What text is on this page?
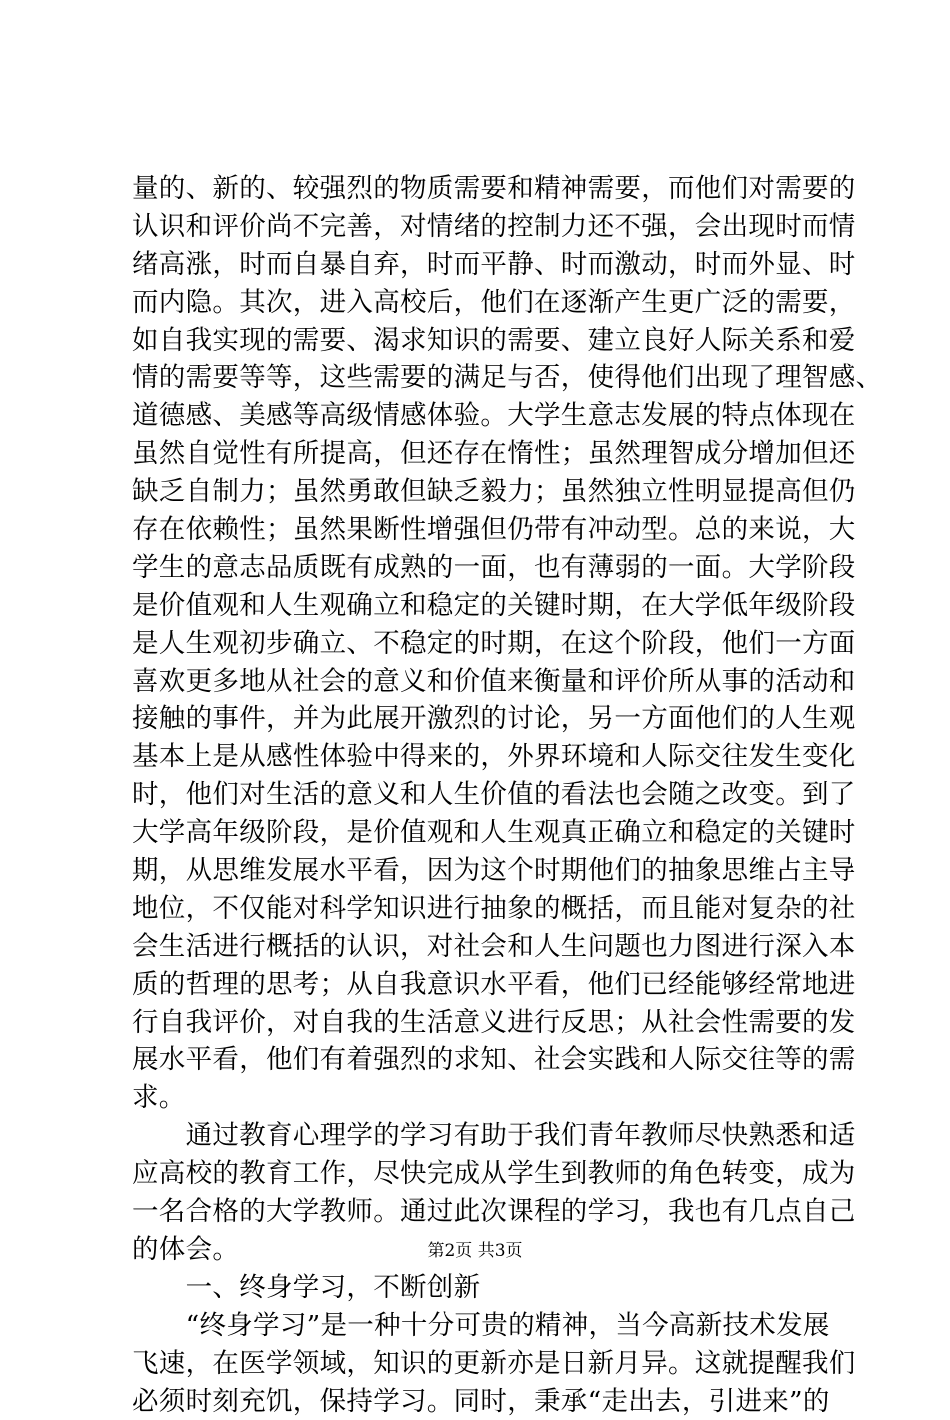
量的、新的、较强烈的物质需要和精神需要，而他们对需要的
认识和评价尚不完善，对情绪的控制力还不强，会出现时而情
绪高涨，时而自暴自弃，时而平静、时而激动，时而外显、时
而内隐。其次，进入高校后，他们在逐渐产生更广泛的需要，
如自我实现的需要、渴求知识的需要、建立良好人际关系和爱
情的需要等等，这些需要的满足与否，使得他们出现了理智感、
道德感、美感等高级情感体验。大学生意志发展的特点体现在
虽然自觉性有所提高，但还存在惰性；虽然理智成分增加但还
缺乏自制力；虽然勇敢但缺乏毅力；虽然独立性明显提高但仍
存在依赖性；虽然果断性增强但仍带有冲动型。总的来说，大
学生的意志品质既有成熟的一面，也有薄弱的一面。大学阶段
是价值观和人生观确立和稳定的关键时期，在大学低年级阶段
是人生观初步确立、不稳定的时期，在这个阶段，他们一方面
喜欢更多地从社会的意义和价值来衡量和评价所从事的活动和
接触的事件，并为此展开激烈的讨论，另一方面他们的人生观
基本上是从感性体验中得来的，外界环境和人际交往发生变化
时，他们对生活的意义和人生价值的看法也会随之改变。到了
大学高年级阶段，是价值观和人生观真正确立和稳定的关键时
期，从思维发展水平看，因为这个时期他们的抽象思维占主导
地位，不仅能对科学知识进行抽象的概括，而且能对复杂的社
会生活进行概括的认识，对社会和人生问题也力图进行深入本
质的哲理的思考；从自我意识水平看，他们已经能够经常地进
行自我评价，对自我的生活意义进行反思；从社会性需要的发
展水平看，他们有着强烈的求知、社会实践和人际交往等的需
求。
　　通过教育心理学的学习有助于我们青年教师尽快熟悉和适
应高校的教育工作，尽快完成从学生到教师的角色转变，成为
一名合格的大学教师。通过此次课程的学习，我也有几点自己
的体会。
　　一、终身学习，不断创新
　　“终身学习”是一种十分可贵的精神，当今高新技术发展
飞速，在医学领域，知识的更新亦是日新月异。这就提醒我们
必须时刻充饥，保持学习。同时，秉承“走出去，引进来”的
第2页 共3页
